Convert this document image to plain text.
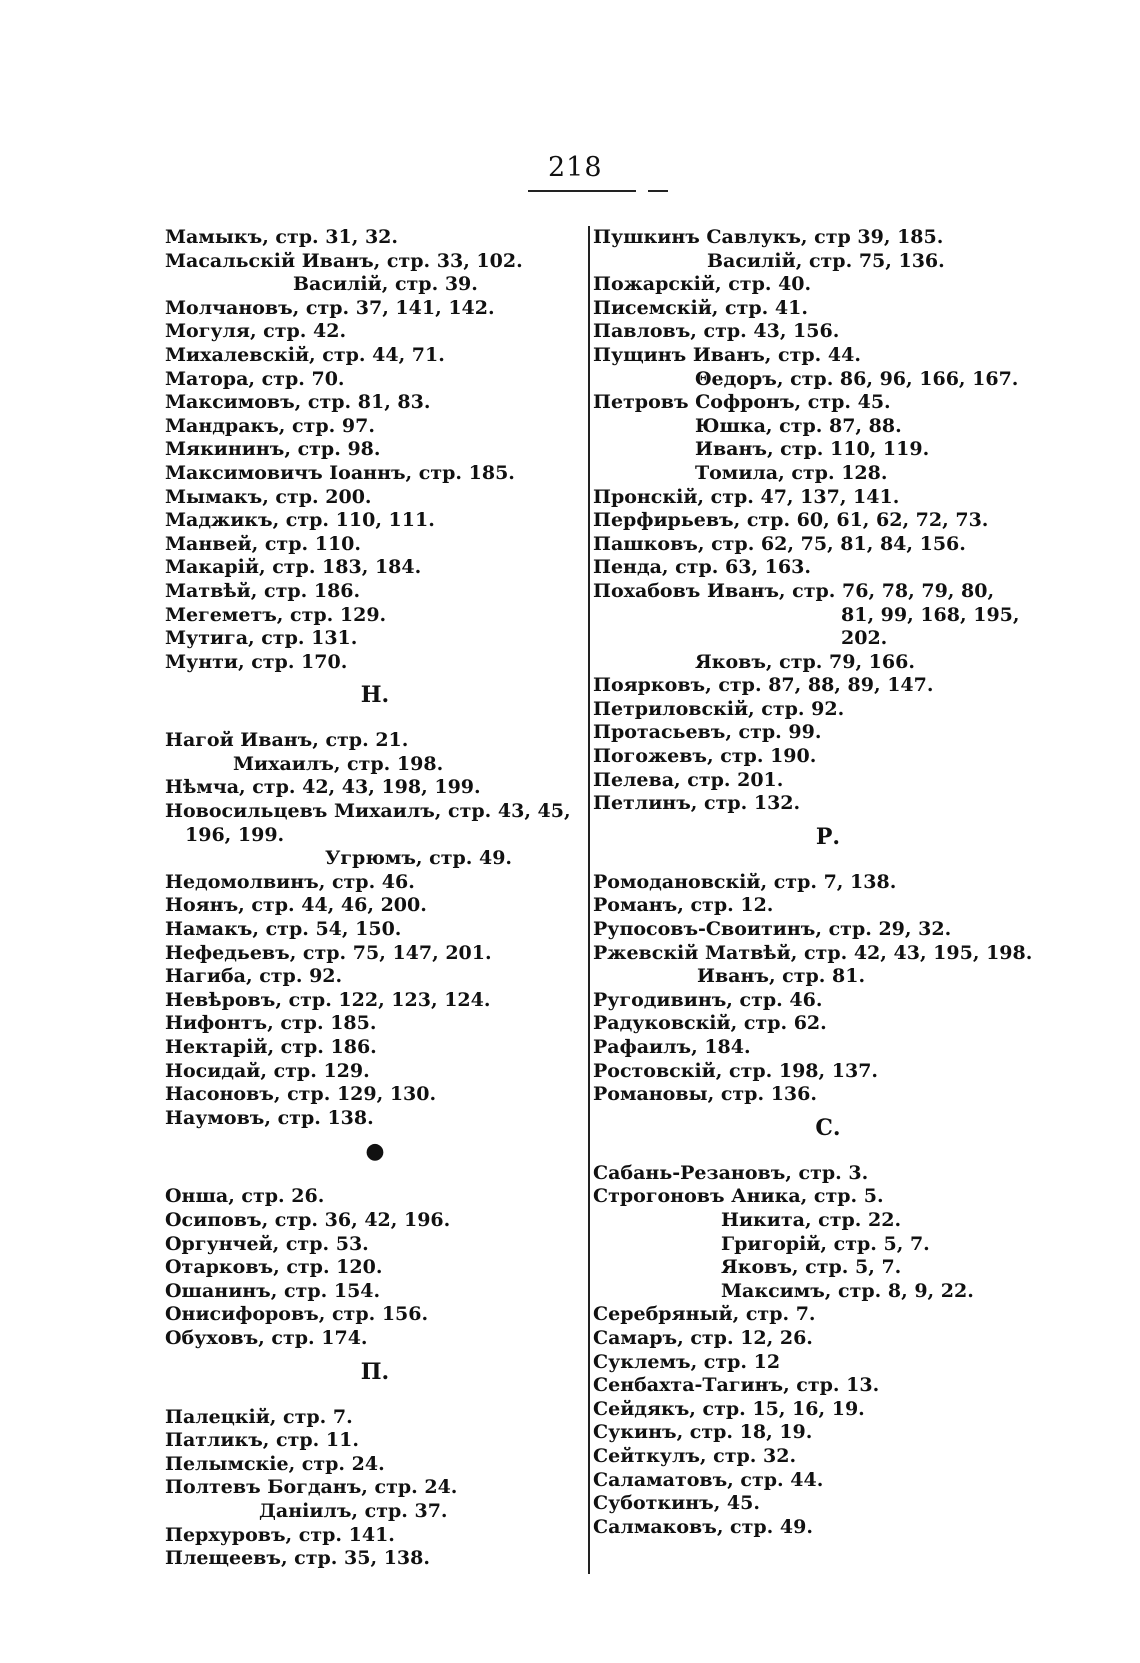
218
Мамыкъ, стр. 31, 32.
Масальскiй Иванъ, стр. 33, 102.
Василiй, стр. 39.
Молчановъ, стр. 37, 141, 142.
Могуля, стр. 42.
Михалевскiй, стр. 44, 71.
Матора, стр. 70.
Максимовъ, стр. 81, 83.
Мандракъ, стр. 97.
Мякининъ, стр. 98.
Максимовичъ Iоаннъ, стр. 185.
Мымакъ, стр. 200.
Маджикъ, стр. 110, 111.
Манвей, стр. 110.
Макарiй, стр. 183, 184.
Матвѣй, стр. 186.
Мегеметъ, стр. 129.
Мутига, стр. 131.
Мунти, стр. 170.
Н.
Нагой Иванъ, стр. 21.
Михаилъ, стр. 198.
Нѣмча, стр. 42, 43, 198, 199.
Новосильцевъ Михаилъ, стр. 43, 45,
196, 199.
Угрюмъ, стр. 49.
Недомолвинъ, стр. 46.
Ноянъ, стр. 44, 46, 200.
Намакъ, стр. 54, 150.
Нефедьевъ, стр. 75, 147, 201.
Нагиба, стр. 92.
Невѣровъ, стр. 122, 123, 124.
Нифонтъ, стр. 185.
Нектарiй, стр. 186.
Носидай, стр. 129.
Насоновъ, стр. 129, 130.
Наумовъ, стр. 138.
●
Онша, стр. 26.
Осиповъ, стр. 36, 42, 196.
Оргунчей, стр. 53.
Отарковъ, стр. 120.
Ошанинъ, стр. 154.
Онисифоровъ, стр. 156.
Обуховъ, стр. 174.
П.
Палецкiй, стр. 7.
Патликъ, стр. 11.
Пелымскiе, стр. 24.
Полтевъ Богданъ, стр. 24.
Данiилъ, стр. 37.
Перхуровъ, стр. 141.
Плещеевъ, стр. 35, 138.
Пушкинъ Савлукъ, стр 39, 185.
Василiй, стр. 75, 136.
Пожарскiй, стр. 40.
Писемскiй, стр. 41.
Павловъ, стр. 43, 156.
Пущинъ Иванъ, стр. 44.
Θедоръ, стр. 86, 96, 166, 167.
Петровъ Софронъ, стр. 45.
Юшка, стр. 87, 88.
Иванъ, стр. 110, 119.
Томила, стр. 128.
Пронскiй, стр. 47, 137, 141.
Перфирьевъ, стр. 60, 61, 62, 72, 73.
Пашковъ, стр. 62, 75, 81, 84, 156.
Пенда, стр. 63, 163.
Похабовъ Иванъ, стр. 76, 78, 79, 80,
81, 99, 168, 195,
202.
Яковъ, стр. 79, 166.
Поярковъ, стр. 87, 88, 89, 147.
Петриловскiй, стр. 92.
Протасьевъ, стр. 99.
Погожевъ, стр. 190.
Пелева, стр. 201.
Петлинъ, стр. 132.
Р.
Ромодановскiй, стр. 7, 138.
Романъ, стр. 12.
Рупосовъ-Своитинъ, стр. 29, 32.
Ржевскiй Матвѣй, стр. 42, 43, 195, 198.
Иванъ, стр. 81.
Ругодивинъ, стр. 46.
Радуковскiй, стр. 62.
Рафаилъ, 184.
Ростовскiй, стр. 198, 137.
Романовы, стр. 136.
С.
Сабань-Резановъ, стр. 3.
Строгоновъ Аника, стр. 5.
Никита, стр. 22.
Григорiй, стр. 5, 7.
Яковъ, стр. 5, 7.
Максимъ, стр. 8, 9, 22.
Серебряный, стр. 7.
Самаръ, стр. 12, 26.
Суклемъ, стр. 12
Сенбахта-Тагинъ, стр. 13.
Сейдякъ, стр. 15, 16, 19.
Сукинъ, стр. 18, 19.
Сейткулъ, стр. 32.
Саламатовъ, стр. 44.
Суботкинъ, 45.
Салмаковъ, стр. 49.
